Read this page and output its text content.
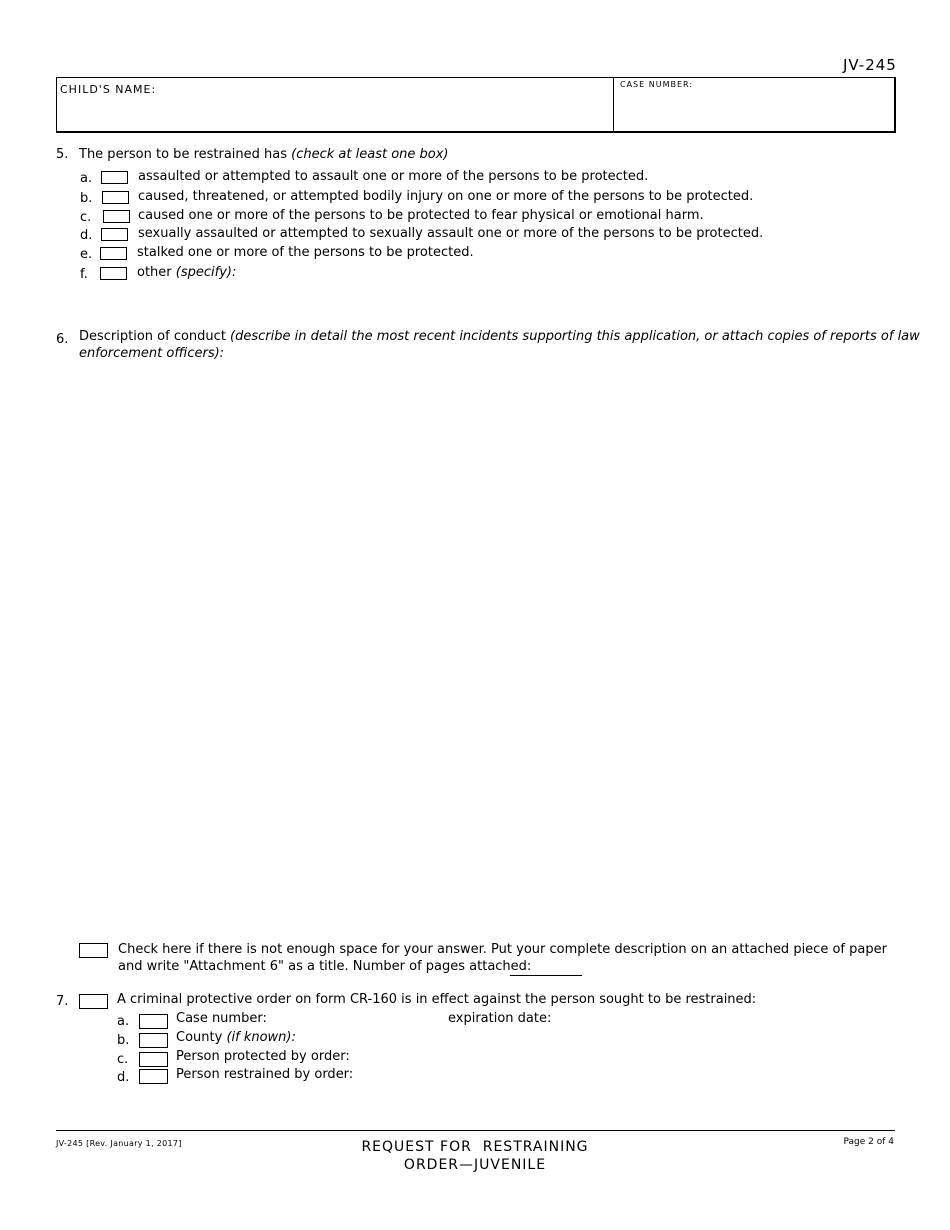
JV-245
CHILD'S NAME:	CASE NUMBER:
5. The person to be restrained has (check at least one box)
a.	assaulted or attempted to assault one or more of the persons to be protected.
b.	caused, threatened, or attempted bodily injury on one or more of the persons to be protected.
c.	caused one or more of the persons to be protected to fear physical or emotional harm.
d.	sexually assaulted or attempted to sexually assault one or more of the persons to be protected.
e.	stalked one or more of the persons to be protected.
f.	other (specify):
6. Description of conduct (describe in detail the most recent incidents supporting this application, or attach copies of reports of law
enforcement officers):
Check here if there is not enough space for your answer. Put your complete description on an attached piece of paper
and write "Attachment 6" as a title. Number of pages attached:
7.	A criminal protective order on form CR-160 is in effect against the person sought to be restrained:
a.	Case number:	expiration date:
b.	County (if known):
c.	Person protected by order:
d.	Person restrained by order:
JV-245 [Rev. January 1, 2017]	REQUEST FOR  RESTRAINING
ORDER—JUVENILE
Page 2 of 4
